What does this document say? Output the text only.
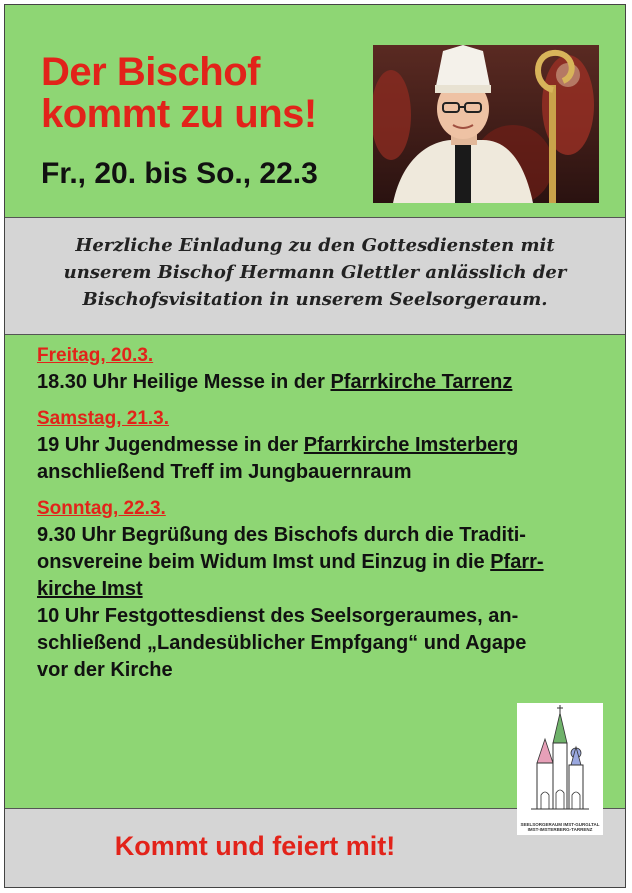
Der Bischof
kommt zu uns!

Fr., 20. bis So., 22.3

Herzliche Einladung zu den Gottesdiensten mit
unserem Bischof Hermann Glettler anlässlich der
Bischofsvisitation in unserem Seelsorgeraum.

Freitag, 20.3.
18.30 Uhr Heilige Messe in der Pfarrkirche Tarrenz
Samstag, 21.3.
19 Uhr Jugendmesse in der Pfarrkirche Imsterberg
anschließend Treff im Jungbauernraum
Sonntag, 22.3.
9.30 Uhr Begrüßung des Bischofs durch die Traditi-
onsvereine beim Widum Imst und Einzug in die Pfarr-
kirche Imst
10 Uhr Festgottesdienst des Seelsorgeraumes, an-
schließend „Landesüblicher Empfgang“ und Agape
vor der Kirche
Kommt und feiert mit!
SEELSORGERAUM IMST-GURGLTAL
IMST-IMSTERBERG-TARRENZ
